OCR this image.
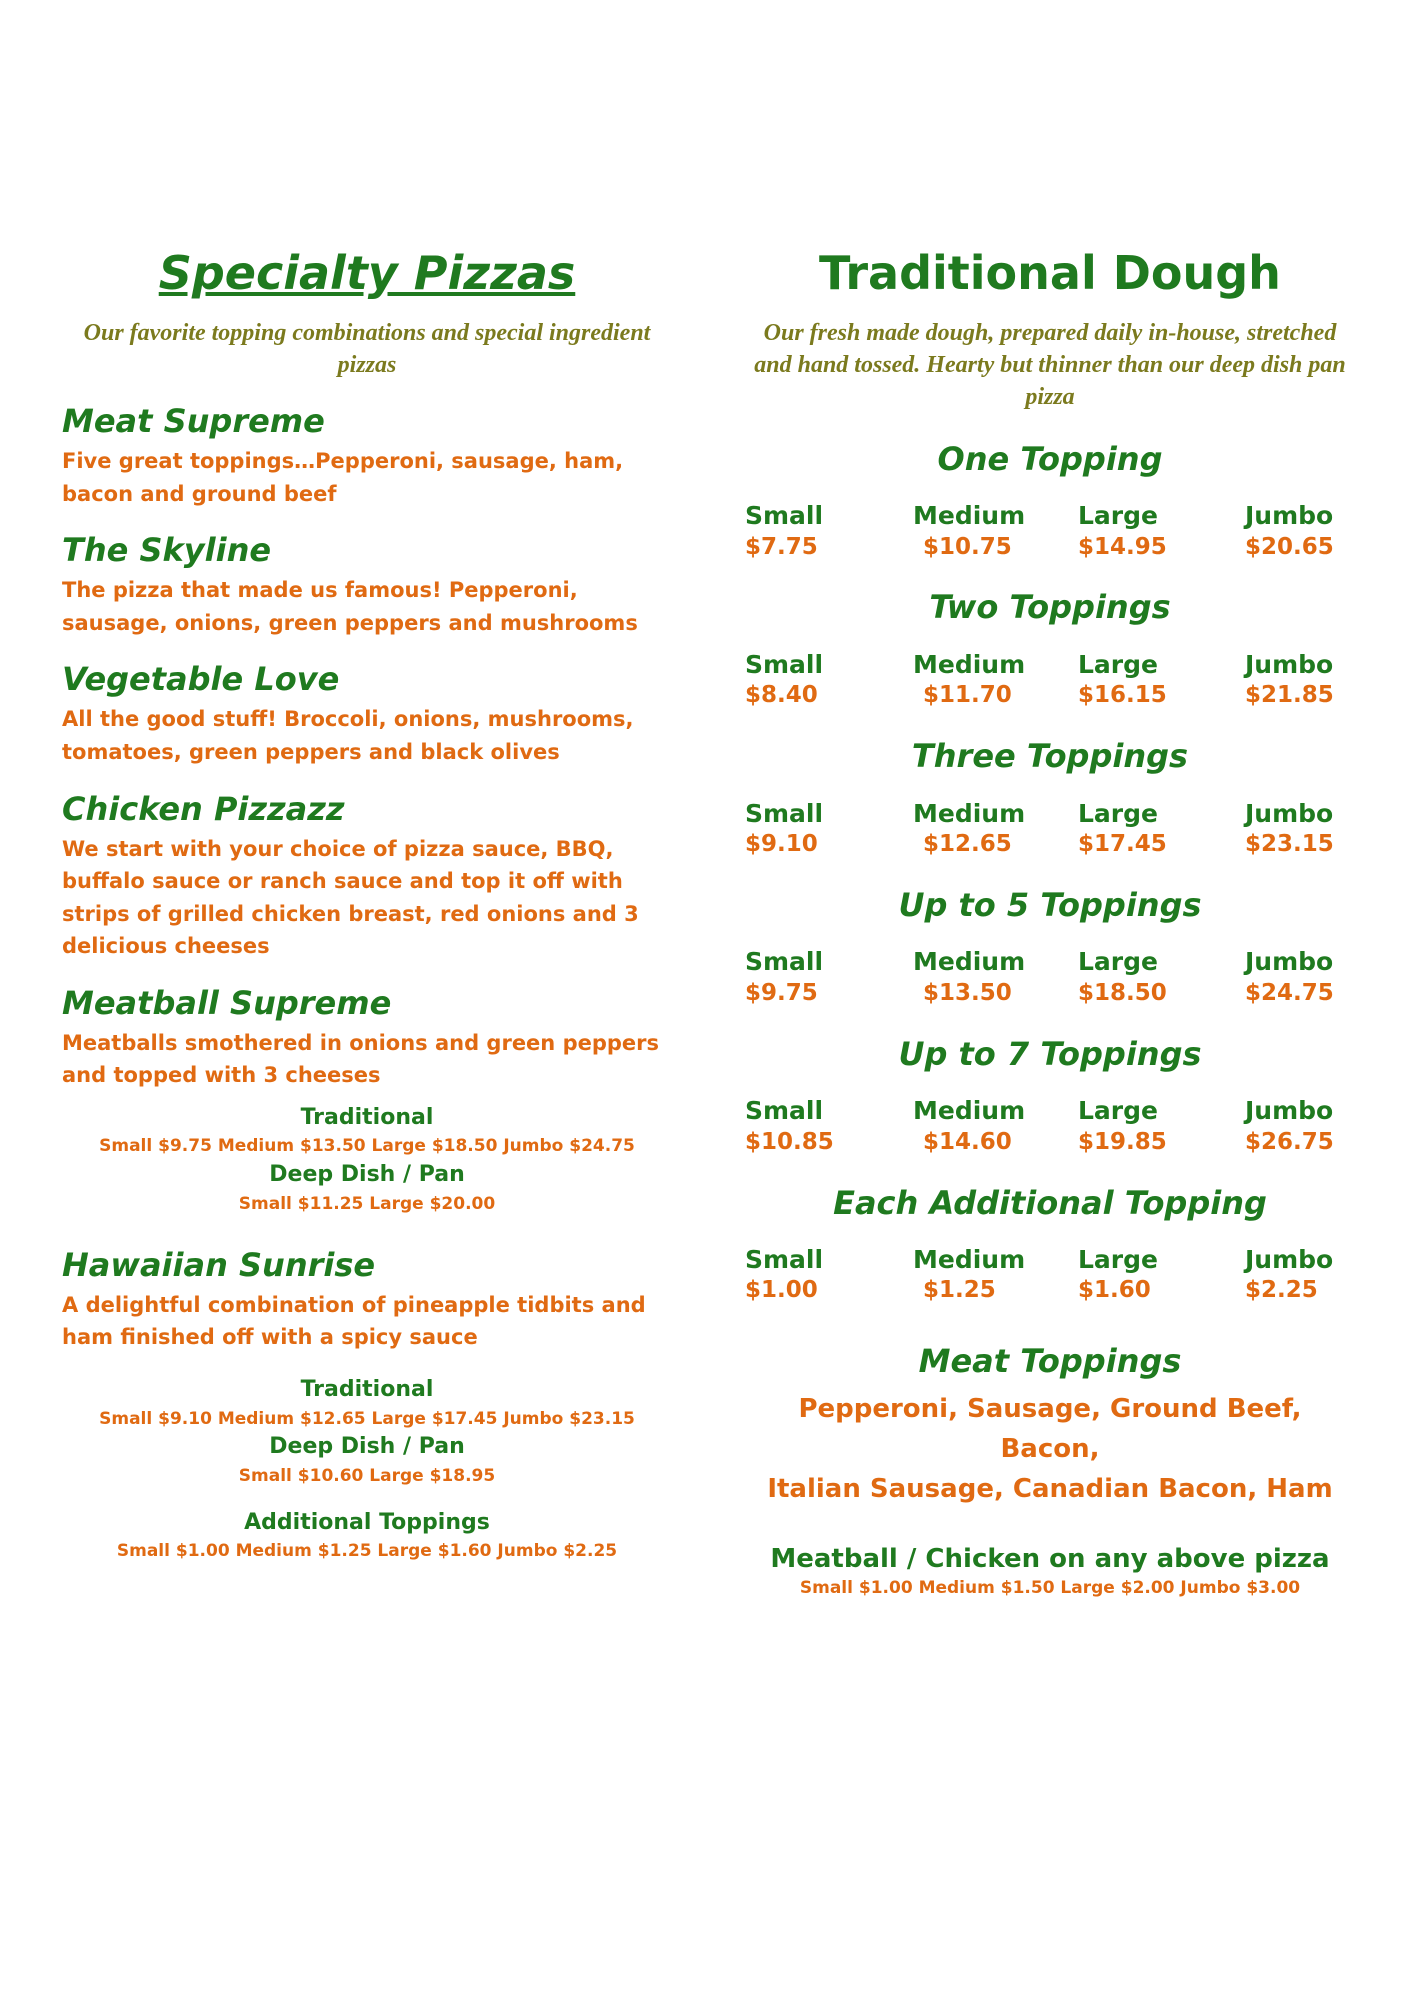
Specialty Pizzas

Our favorite topping combinations and special ingredient pizzas

Meat Supreme
Five great toppings…Pepperoni, sausage, ham, bacon and ground beef
The Skyline
The pizza that made us famous! Pepperoni, sausage, onions, green peppers and mushrooms
Vegetable Love
All the good stuff! Broccoli, onions, mushrooms, tomatoes, green peppers and black olives
Chicken Pizzazz
We start with your choice of pizza sauce, BBQ, buffalo sauce or ranch sauce and top it off with strips of grilled chicken breast, red onions and 3 delicious cheeses
Meatball Supreme
Meatballs smothered in onions and green peppers and topped with 3 cheeses
Traditional
Small $9.75 Medium $13.50 Large $18.50 Jumbo $24.75
Deep Dish / Pan
Small $11.25 Large $20.00
Hawaiian Sunrise
A delightful combination of pineapple tidbits and ham finished off with a spicy sauce
Traditional
Small $9.10 Medium $12.65 Large $17.45 Jumbo $23.15
Deep Dish / Pan
Small $10.60 Large $18.95
Additional Toppings
Small $1.00 Medium $1.25 Large $1.60 Jumbo $2.25
Traditional Dough

Our fresh made dough, prepared daily in-house, stretched and hand tossed. Hearty but thinner than our deep dish pan pizza

One Topping
Small	Medium	Large	Jumbo
$7.75	$10.75	$14.95	$20.65
Two Toppings
Small	Medium	Large	Jumbo
$8.40	$11.70	$16.15	$21.85
Three Toppings
Small	Medium	Large	Jumbo
$9.10	$12.65	$17.45	$23.15
Up to 5 Toppings
Small	Medium	Large	Jumbo
$9.75	$13.50	$18.50	$24.75
Up to 7 Toppings
Small	Medium	Large	Jumbo
$10.85	$14.60	$19.85	$26.75
Each Additional Topping
Small	Medium	Large	Jumbo
$1.00	$1.25	$1.60	$2.25
Meat Toppings
Pepperoni, Sausage, Ground Beef, Bacon,
Italian Sausage, Canadian Bacon, Ham
Meatball / Chicken on any above pizza
Small $1.00 Medium $1.50 Large $2.00 Jumbo $3.00
